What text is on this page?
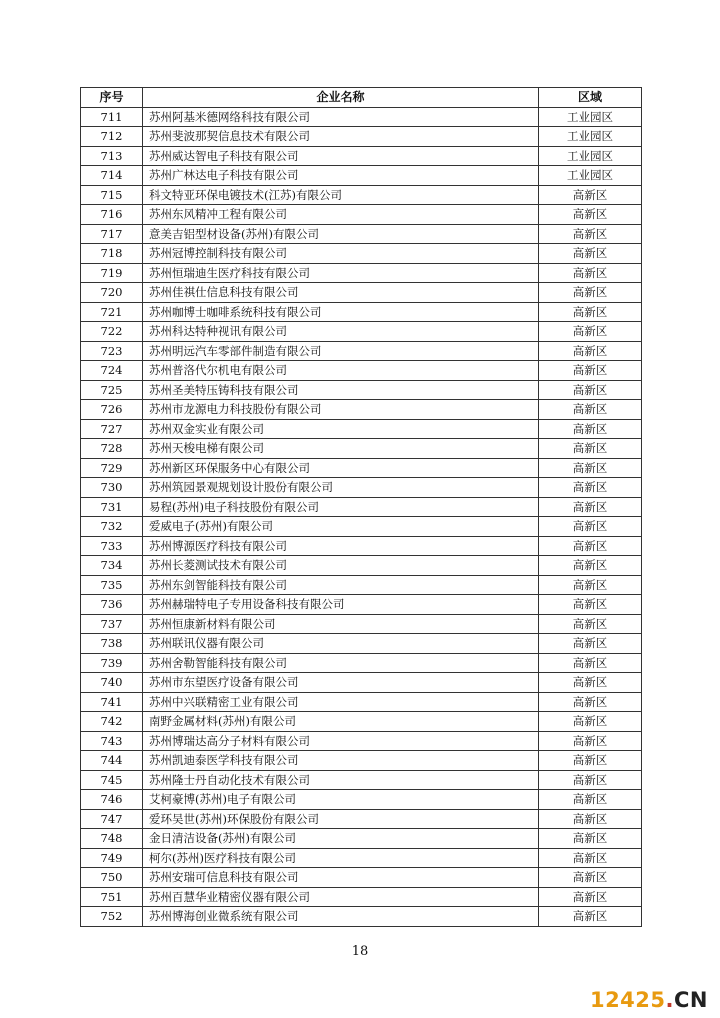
序号	企业名称	区域
711	苏州阿基米德网络科技有限公司	工业园区
712	苏州斐波那契信息技术有限公司	工业园区
713	苏州威达智电子科技有限公司	工业园区
714	苏州广林达电子科技有限公司	工业园区
715	科文特亚环保电镀技术(江苏)有限公司	高新区
716	苏州东风精冲工程有限公司	高新区
717	意美吉铝型材设备(苏州)有限公司	高新区
718	苏州冠博控制科技有限公司	高新区
719	苏州恒瑞迪生医疗科技有限公司	高新区
720	苏州佳祺仕信息科技有限公司	高新区
721	苏州咖博士咖啡系统科技有限公司	高新区
722	苏州科达特种视讯有限公司	高新区
723	苏州明远汽车零部件制造有限公司	高新区
724	苏州普洛代尔机电有限公司	高新区
725	苏州圣美特压铸科技有限公司	高新区
726	苏州市龙源电力科技股份有限公司	高新区
727	苏州双金实业有限公司	高新区
728	苏州天梭电梯有限公司	高新区
729	苏州新区环保服务中心有限公司	高新区
730	苏州筑园景观规划设计股份有限公司	高新区
731	易程(苏州)电子科技股份有限公司	高新区
732	爱威电子(苏州)有限公司	高新区
733	苏州博源医疗科技有限公司	高新区
734	苏州长菱测试技术有限公司	高新区
735	苏州东剑智能科技有限公司	高新区
736	苏州赫瑞特电子专用设备科技有限公司	高新区
737	苏州恒康新材料有限公司	高新区
738	苏州联讯仪器有限公司	高新区
739	苏州舍勒智能科技有限公司	高新区
740	苏州市东望医疗设备有限公司	高新区
741	苏州中兴联精密工业有限公司	高新区
742	南野金属材料(苏州)有限公司	高新区
743	苏州博瑞达高分子材料有限公司	高新区
744	苏州凯迪泰医学科技有限公司	高新区
745	苏州隆士丹自动化技术有限公司	高新区
746	艾柯豪博(苏州)电子有限公司	高新区
747	爱环吴世(苏州)环保股份有限公司	高新区
748	金日清洁设备(苏州)有限公司	高新区
749	柯尔(苏州)医疗科技有限公司	高新区
750	苏州安瑞可信息科技有限公司	高新区
751	苏州百慧华业精密仪器有限公司	高新区
752	苏州博海创业微系统有限公司	高新区
18
12425.CN
